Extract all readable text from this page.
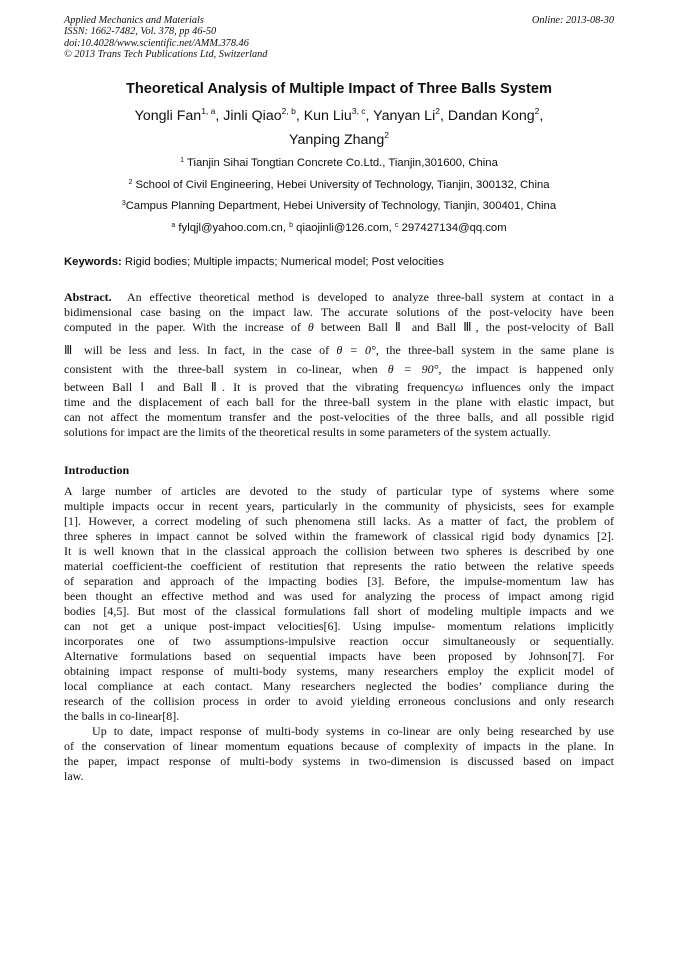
Applied Mechanics and Materials
ISSN: 1662-7482, Vol. 378, pp 46-50
doi:10.4028/www.scientific.net/AMM.378.46
© 2013 Trans Tech Publications Ltd, Switzerland
Online: 2013-08-30
Theoretical Analysis of Multiple Impact of Three Balls System
Yongli Fan$^{1, a}$, Jinli Qiao$^{2, b}$, Kun Liu$^{3, c}$, Yanyan Li$^2$, Dandan Kong$^2$,
Yanping Zhang$^2$
$^1$ Tianjin Sihai Tongtian Concrete Co.Ltd., Tianjin,301600, China
$^2$ School of Civil Engineering, Hebei University of Technology, Tianjin, 300132, China
$^3$Campus Planning Department, Hebei University of Technology, Tianjin, 300401, China
$^a$ fylqjl@yahoo.com.cn, $^b$ qiaojinli@126.com, $^c$ 297427134@qq.com
Keywords: Rigid bodies; Multiple impacts; Numerical model; Post velocities
Abstract. An effective theoretical method is developed to analyze three-ball system at contact in a
bidimensional case basing on the impact law. The accurate solutions of the post-velocity have been
computed in the paper. With the increase of θ between Ball Ⅱ and Ball Ⅲ, the post-velocity of Ball
Ⅲ will be less and less. In fact, in the case of θ = 0°, the three-ball system in the same plane is
consistent with the three-ball system in co-linear, when θ = 90°, the impact is happened only
between Ball Ⅰ and Ball Ⅱ. It is proved that the vibrating frequencyω influences only the impact
time and the displacement of each ball for the three-ball system in the plane with elastic impact, but
can not affect the momentum transfer and the post-velocities of the three balls, and all possible rigid
solutions for impact are the limits of the theoretical results in some parameters of the system actually.
Introduction
A large number of articles are devoted to the study of particular type of systems where some
multiple impacts occur in recent years, particularly in the community of physicists, sees for example
[1]. However, a correct modeling of such phenomena still lacks. As a matter of fact, the problem of
three spheres in impact cannot be solved within the framework of classical rigid body dynamics [2].
It is well known that in the classical approach the collision between two spheres is described by one
material coefficient-the coefficient of restitution that represents the ratio between the relative speeds
of separation and approach of the impacting bodies [3]. Before, the impulse-momentum law has
been thought an effective method and was used for analyzing the process of impact among rigid
bodies [4,5]. But most of the classical formulations fall short of modeling multiple impacts and we
can not get a unique post-impact velocities[6]. Using impulse- momentum relations implicitly
incorporates one of two assumptions-impulsive reaction occur simultaneously or sequentially.
Alternative formulations based on sequential impacts have been proposed by Johnson[7]. For
obtaining impact response of multi-body systems, many researchers employ the explicit model of
local compliance at each contact. Many researchers neglected the bodies’ compliance during the
research of the collision process in order to avoid yielding erroneous conclusions and only research
the balls in co-linear[8].
Up to date, impact response of multi-body systems in co-linear are only being researched by use
of the conservation of linear momentum equations because of complexity of impacts in the plane. In
the paper, impact response of multi-body systems in two-dimension is discussed based on impact
law.
